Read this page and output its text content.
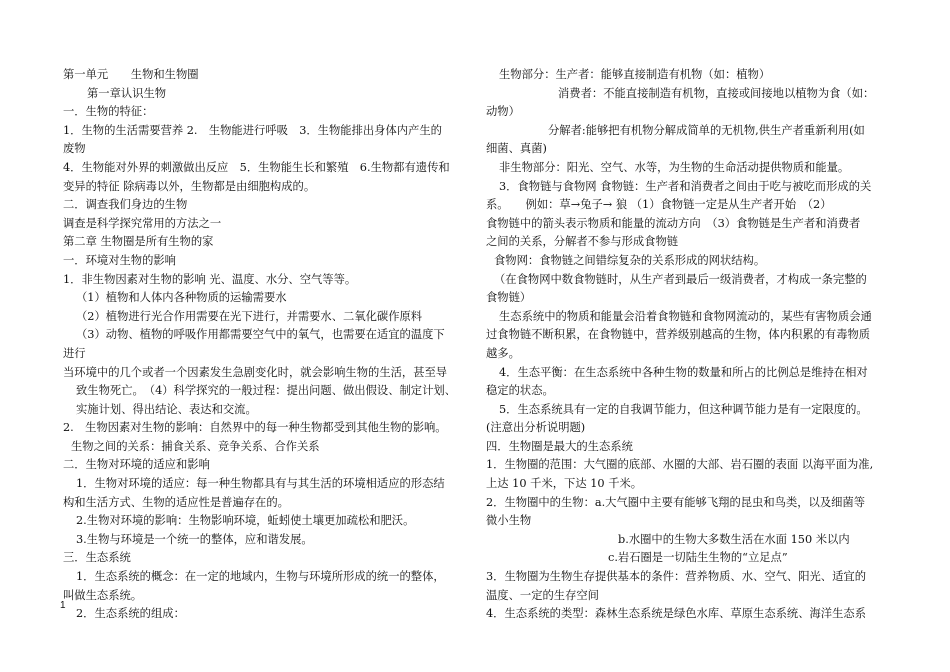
第一单元　　生物和生物圈
第一章认识生物
一．生物的特征：
1．生物的生活需要营养 2.　生物能进行呼吸　3．生物能排出身体内产生的
废物
4．生物能对外界的刺激做出反应　5．生物能生长和繁殖　6.生物都有遗传和
变异的特征 除病毒以外，生物都是由细胞构成的。
二．调查我们身边的生物
调查是科学探究常用的方法之一
第二章 生物圈是所有生物的家
一．环境对生物的影响
1．非生物因素对生物的影响 光、温度、水分、空气等等。
（1）植物和人体内各种物质的运输需要水
（2）植物进行光合作用需要在光下进行，并需要水、二氧化碳作原料
（3）动物、植物的呼吸作用都需要空气中的氧气，也需要在适宜的温度下
进行
当环境中的几个或者一个因素发生急剧变化时，就会影响生物的生活，甚至导
致生物死亡。　（4）科学探究的一般过程：提出问题、做出假设、制定计划、
实施计划、得出结论、表达和交流。
2.　生物因素对生物的影响：自然界中的每一种生物都受到其他生物的影响。
生物之间的关系：捕食关系、竞争关系、合作关系
二．生物对环境的适应和影响
1．生物对环境的适应：每一种生物都具有与其生活的环境相适应的形态结
构和生活方式、生物的适应性是普遍存在的。
2.生物对环境的影响：生物影响环境，蚯蚓使土壤更加疏松和肥沃。
3.生物与环境是一个统一的整体，应和谐发展。
三．生态系统
1．生态系统的概念：在一定的地域内，生物与环境所形成的统一的整体，
叫做生态系统。
2．生态系统的组成：
生物部分：生产者：能够直接制造有机物（如：植物）
消费者：不能直接制造有机物，直接或间接地以植物为食（如：
动物）
分解者:能够把有机物分解成简单的无机物,供生产者重新利用(如
细菌、真菌)
非生物部分：阳光、空气、水等，为生物的生命活动提供物质和能量。
3．食物链与食物网 食物链：生产者和消费者之间由于吃与被吃而形成的关
系。　　例如：草→兔子→ 狼 （1）食物链一定是从生产者开始　（2）
食物链中的箭头表示物质和能量的流动方向　（3）食物链是生产者和消费者
之间的关系，分解者不参与形成食物链
食物网：食物链之间错综复杂的关系形成的网状结构。
（在食物网中数食物链时，从生产者到最后一级消费者，才构成一条完整的
食物链）
生态系统中的物质和能量会沿着食物链和食物网流动的，某些有害物质会通
过食物链不断积累，在食物链中，营养级别越高的生物，体内积累的有毒物质
越多。
4．生态平衡：在生态系统中各种生物的数量和所占的比例总是维持在相对
稳定的状态。
5．生态系统具有一定的自我调节能力，但这种调节能力是有一定限度的。
(注意出分析说明题)
四．生物圈是最大的生态系统
1．生物圈的范围：大气圈的底部、水圈的大部、岩石圈的表面 以海平面为准,
上达 10 千米，下达 10 千米。
2．生物圈中的生物：a.大气圈中主要有能够飞翔的昆虫和鸟类，以及细菌等
微小生物
b.水圈中的生物大多数生活在水面 150 米以内
c.岩石圈是一切陆生生物的“立足点”
3．生物圈为生物生存提供基本的条件：营养物质、水、空气、阳光、适宜的
温度、一定的生存空间
4．生态系统的类型：森林生态系统是绿色水库、草原生态系统、海洋生态系
1
